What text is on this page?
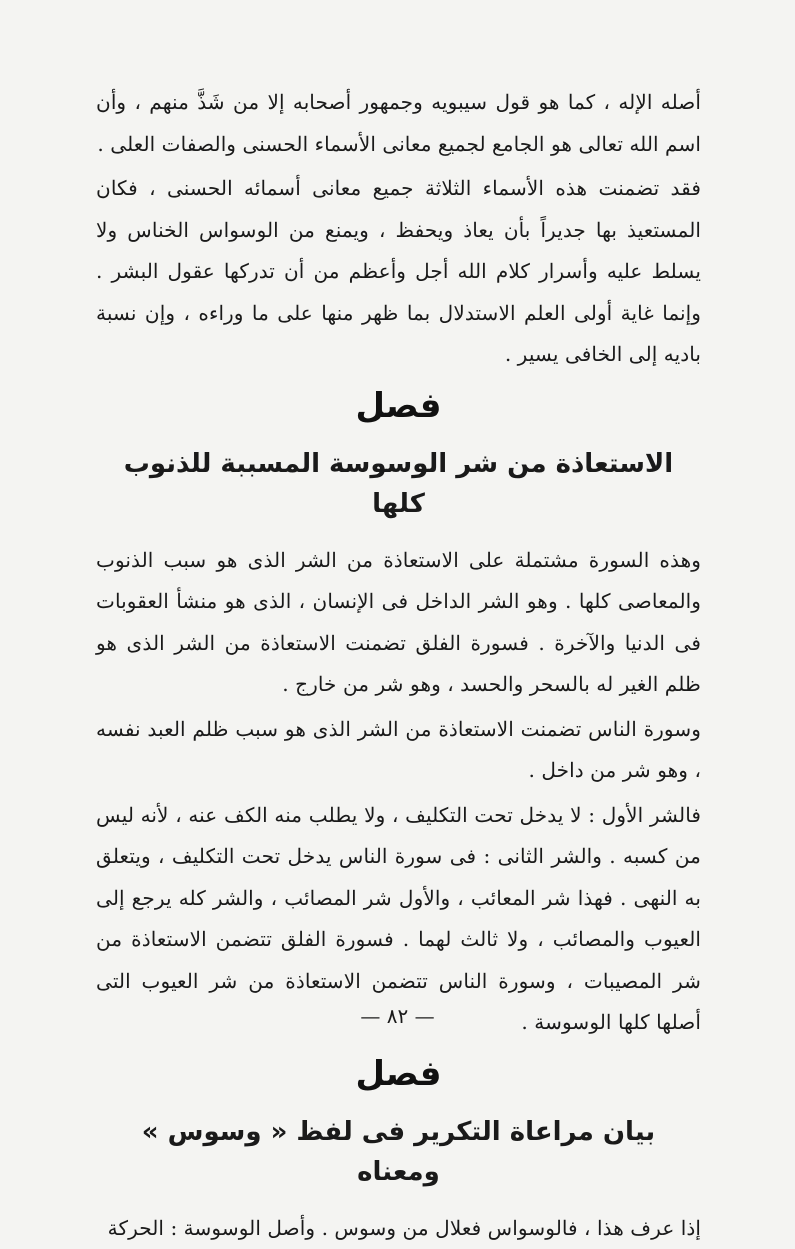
أصله الإله ، كما هو قول سيبويه وجمهور أصحابه إلا من شَذَّ منهم ، وأن اسم الله تعالى هو الجامع لجميع معانى الأسماء الحسنى والصفات العلى .

فقد تضمنت هذه الأسماء الثلاثة جميع معانى أسمائه الحسنى ، فكان المستعيذ بها جديراً بأن يعاذ ويحفظ ، ويمنع من الوسواس الخناس ولا يسلط عليه وأسرار كلام الله أجل وأعظم من أن تدركها عقول البشر . وإنما غاية أولى العلم الاستدلال بما ظهر منها على ما وراءه ، وإن نسبة باديه إلى الخافى يسير .

فصل
الاستعاذة من شر الوسوسة المسببة للذنوب كلها

وهذه السورة مشتملة على الاستعاذة من الشر الذى هو سبب الذنوب والمعاصى كلها . وهو الشر الداخل فى الإنسان ، الذى هو منشأ العقوبات فى الدنيا والآخرة . فسورة الفلق تضمنت الاستعاذة من الشر الذى هو ظلم الغير له بالسحر والحسد ، وهو شر من خارج .

وسورة الناس تضمنت الاستعاذة من الشر الذى هو سبب ظلم العبد نفسه ، وهو شر من داخل .

فالشر الأول : لا يدخل تحت التكليف ، ولا يطلب منه الكف عنه ، لأنه ليس من كسبه . والشر الثانى : فى سورة الناس يدخل تحت التكليف ، ويتعلق به النهى . فهذا شر المعائب ، والأول شر المصائب ، والشر كله يرجع إلى العيوب والمصائب ، ولا ثالث لهما . فسورة الفلق تتضمن الاستعاذة من شر المصيبات ، وسورة الناس تتضمن الاستعاذة من شر العيوب التى أصلها كلها الوسوسة .

فصل
بيان مراعاة التكرير فى لفظ « وسوس » ومعناه

إذا عرف هذا ، فالوسواس فعلال من وسوس . وأصل الوسوسة : الحركة

— ٨٢ —
